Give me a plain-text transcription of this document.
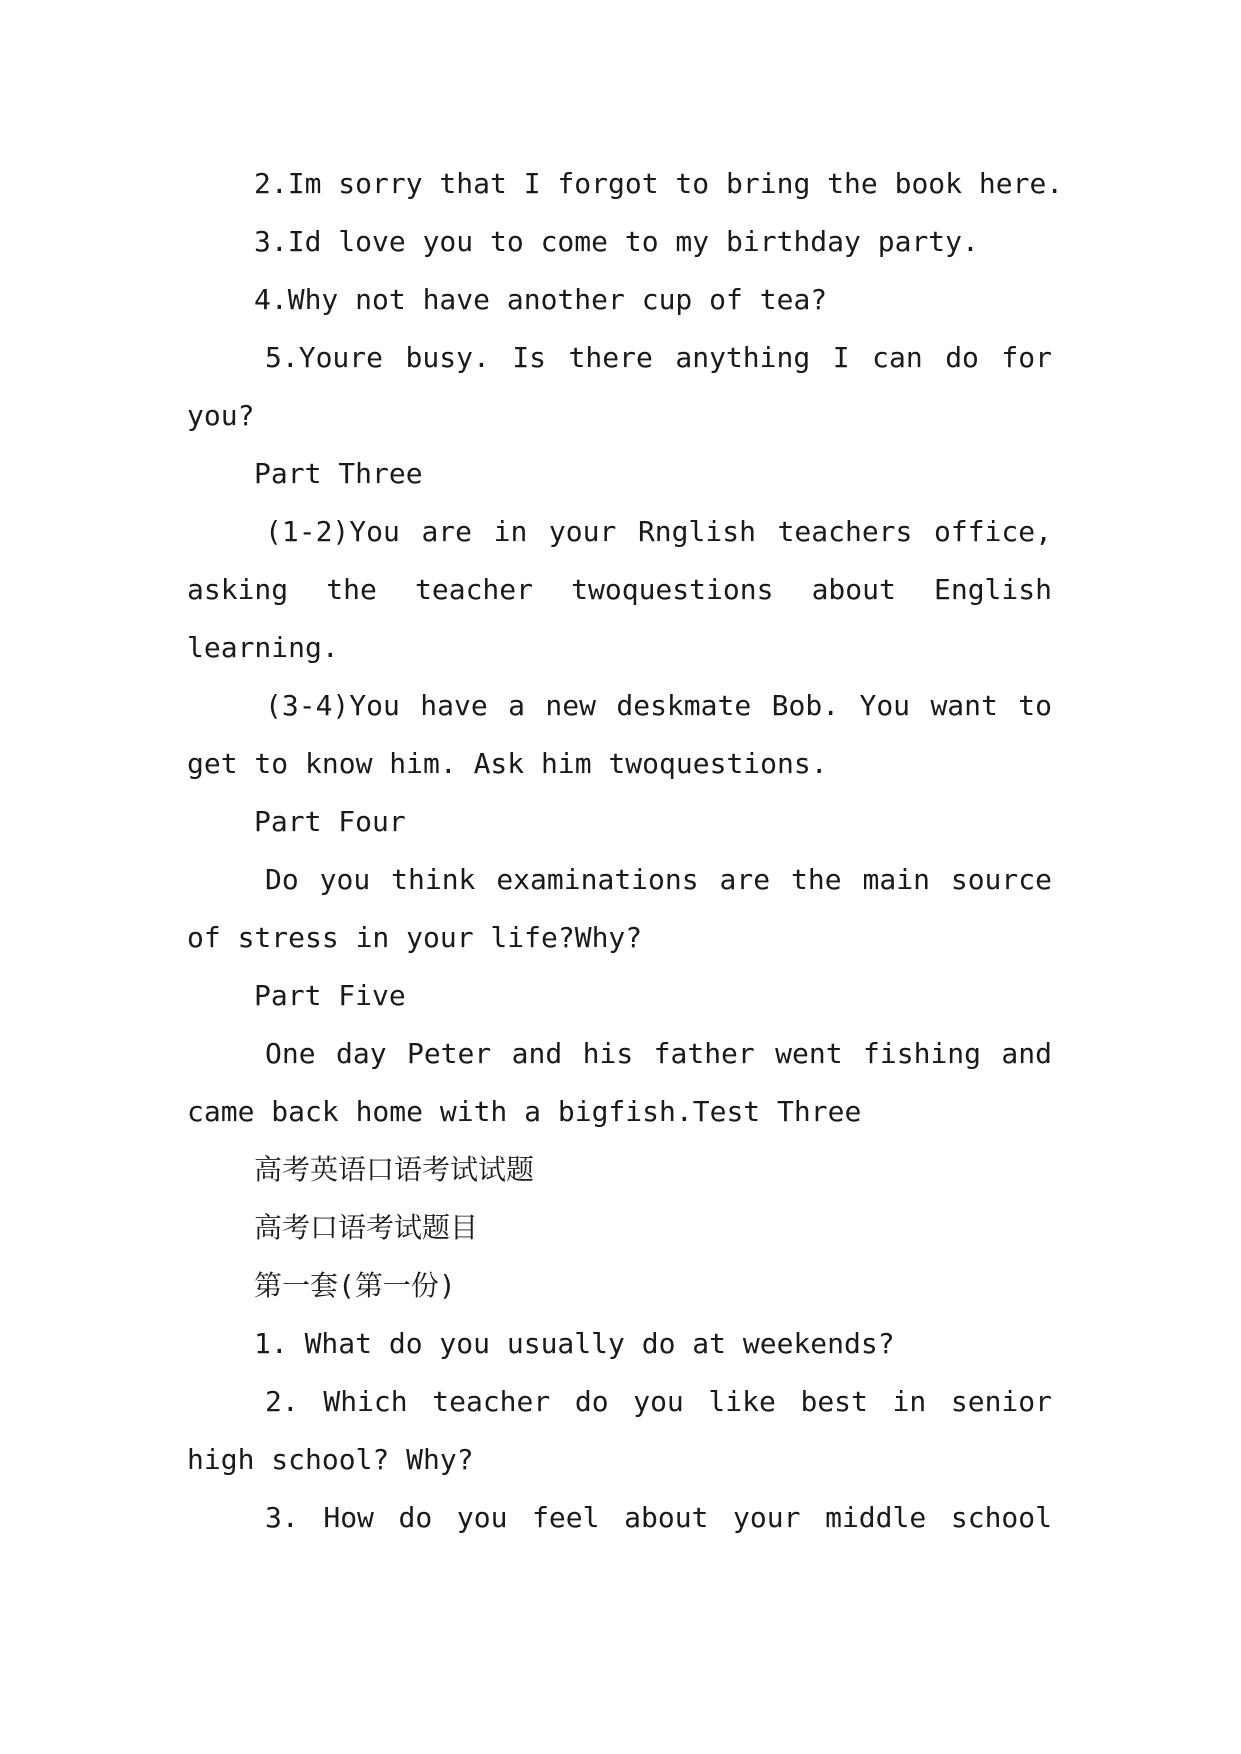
2.Im sorry that I forgot to bring the book here.
3.Id love you to come to my birthday party.
4.Why not have another cup of tea?
5.Youre busy. Is there anything I can do for
you?
Part Three
(1-2)You are in your Rnglish teachers office,
asking the teacher twoquestions about English
learning.
(3-4)You have a new deskmate Bob. You want to
get to know him. Ask him twoquestions.
Part Four
Do you think examinations are the main source
of stress in your life?Why?
Part Five
One day Peter and his father went fishing and
came back home with a bigfish.Test Three
高考英语口语考试试题
高考口语考试题目
第一套(第一份)
1. What do you usually do at weekends?
2. Which teacher do you like best in senior
high school? Why?
3. How do you feel about your middle school
